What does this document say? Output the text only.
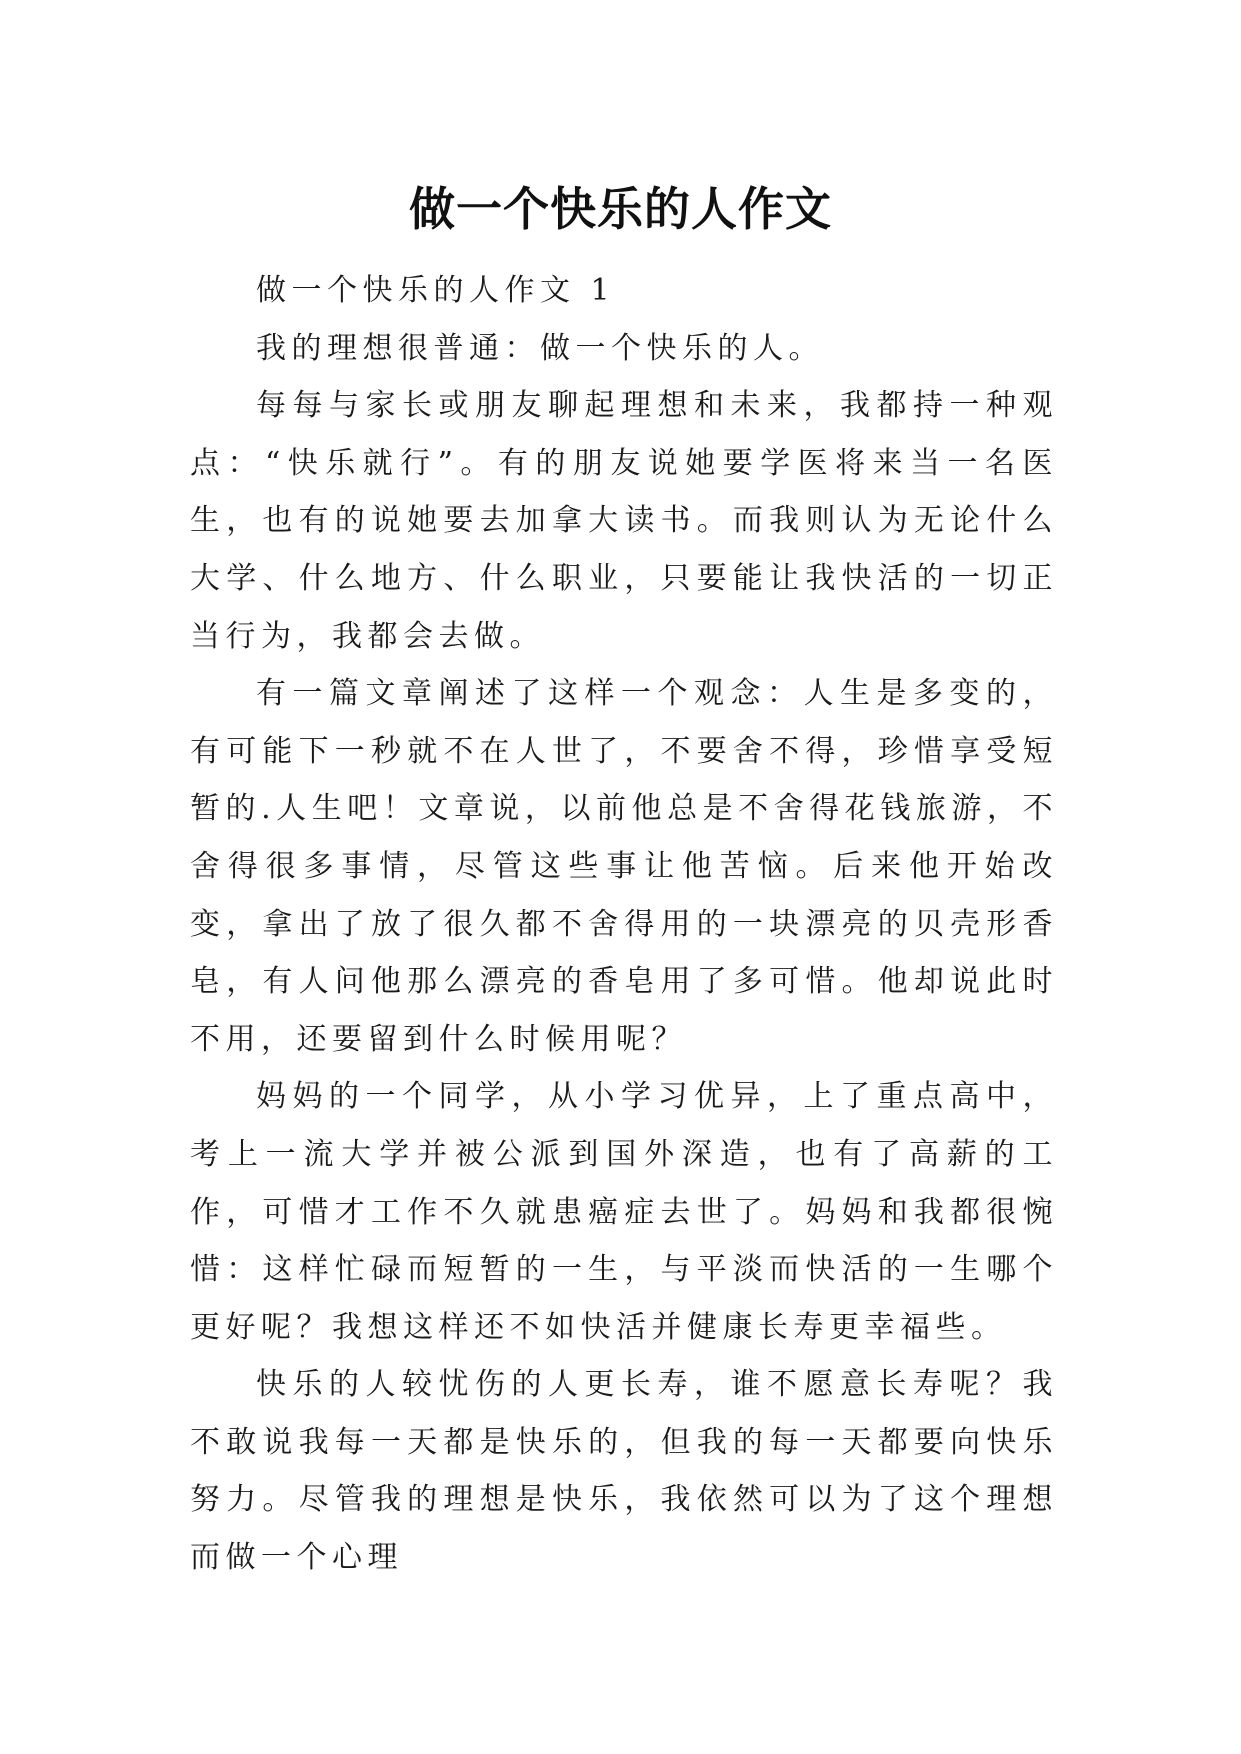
做一个快乐的人作文

做一个快乐的人作文 1

我的理想很普通：做一个快乐的人。

每每与家长或朋友聊起理想和未来，我都持一种观点：“快乐就行”。有的朋友说她要学医将来当一名医生，也有的说她要去加拿大读书。而我则认为无论什么大学、什么地方、什么职业，只要能让我快活的一切正当行为，我都会去做。

有一篇文章阐述了这样一个观念：人生是多变的，有可能下一秒就不在人世了，不要舍不得，珍惜享受短暂的.人生吧！文章说，以前他总是不舍得花钱旅游，不舍得很多事情，尽管这些事让他苦恼。后来他开始改变，拿出了放了很久都不舍得用的一块漂亮的贝壳形香皂，有人问他那么漂亮的香皂用了多可惜。他却说此时不用，还要留到什么时候用呢？

妈妈的一个同学，从小学习优异，上了重点高中，考上一流大学并被公派到国外深造，也有了高薪的工作，可惜才工作不久就患癌症去世了。妈妈和我都很惋惜：这样忙碌而短暂的一生，与平淡而快活的一生哪个更好呢？我想这样还不如快活并健康长寿更幸福些。

快乐的人较忧伤的人更长寿，谁不愿意长寿呢？我不敢说我每一天都是快乐的，但我的每一天都要向快乐努力。尽管我的理想是快乐，我依然可以为了这个理想而做一个心理
